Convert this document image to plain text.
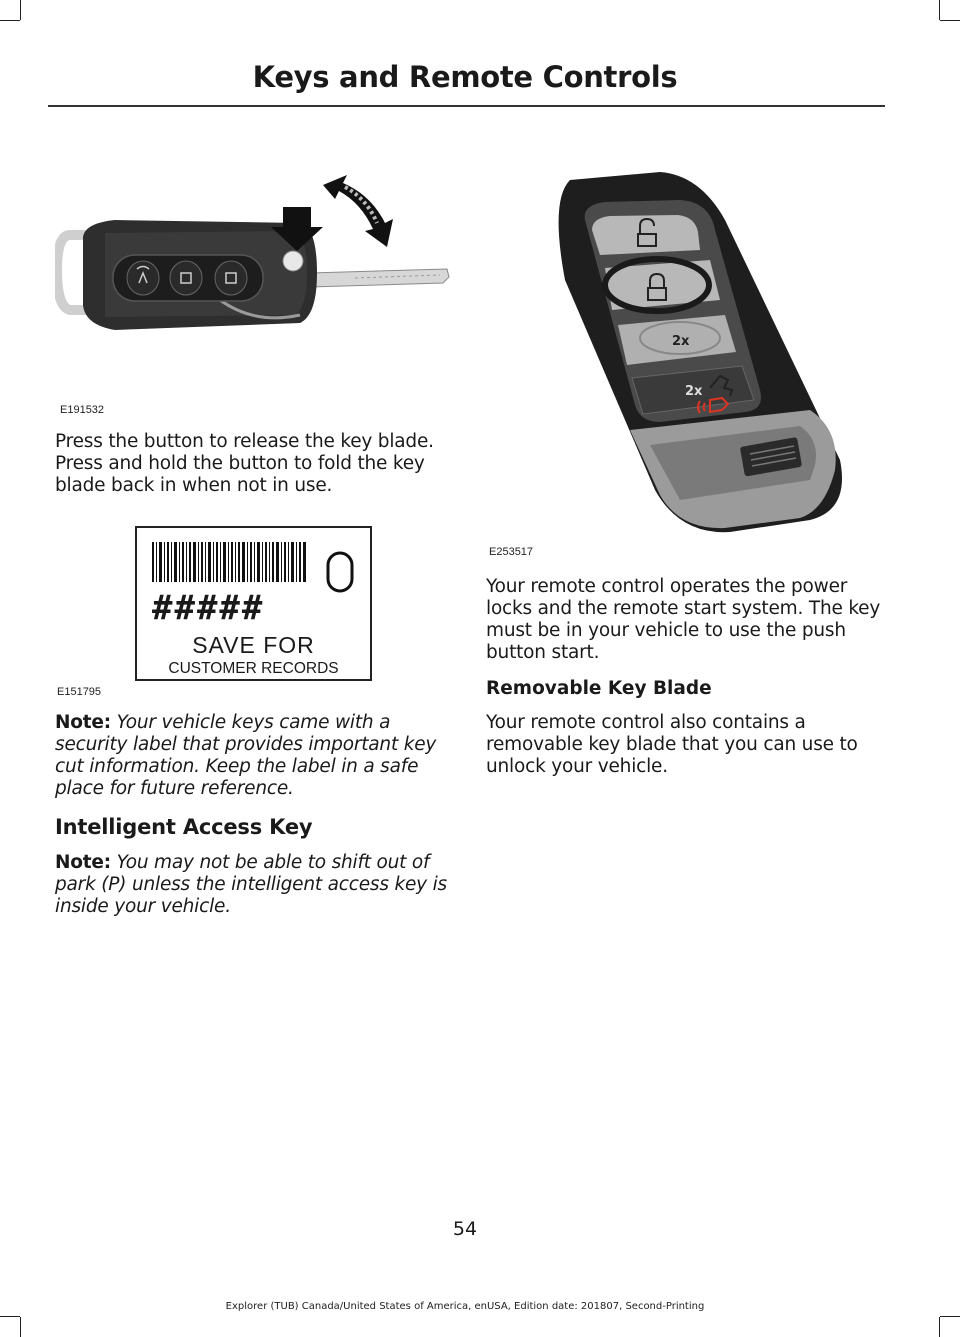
Keys and Remote Controls
E191532
Press the button to release the key blade. Press and hold the button to fold the key blade back in when not in use.
#####
SAVE FOR
CUSTOMER RECORDS
E151795
Note: Your vehicle keys came with a security label that provides important key cut information. Keep the label in a safe place for future reference.
Intelligent Access Key
Note: You may not be able to shift out of park (P) unless the intelligent access key is inside your vehicle.
2x
2x
E253517
Your remote control operates the power locks and the remote start system. The key must be in your vehicle to use the push button start.
Removable Key Blade
Your remote control also contains a removable key blade that you can use to unlock your vehicle.
54
Explorer (TUB) Canada/United States of America, enUSA, Edition date: 201807, Second-Printing
